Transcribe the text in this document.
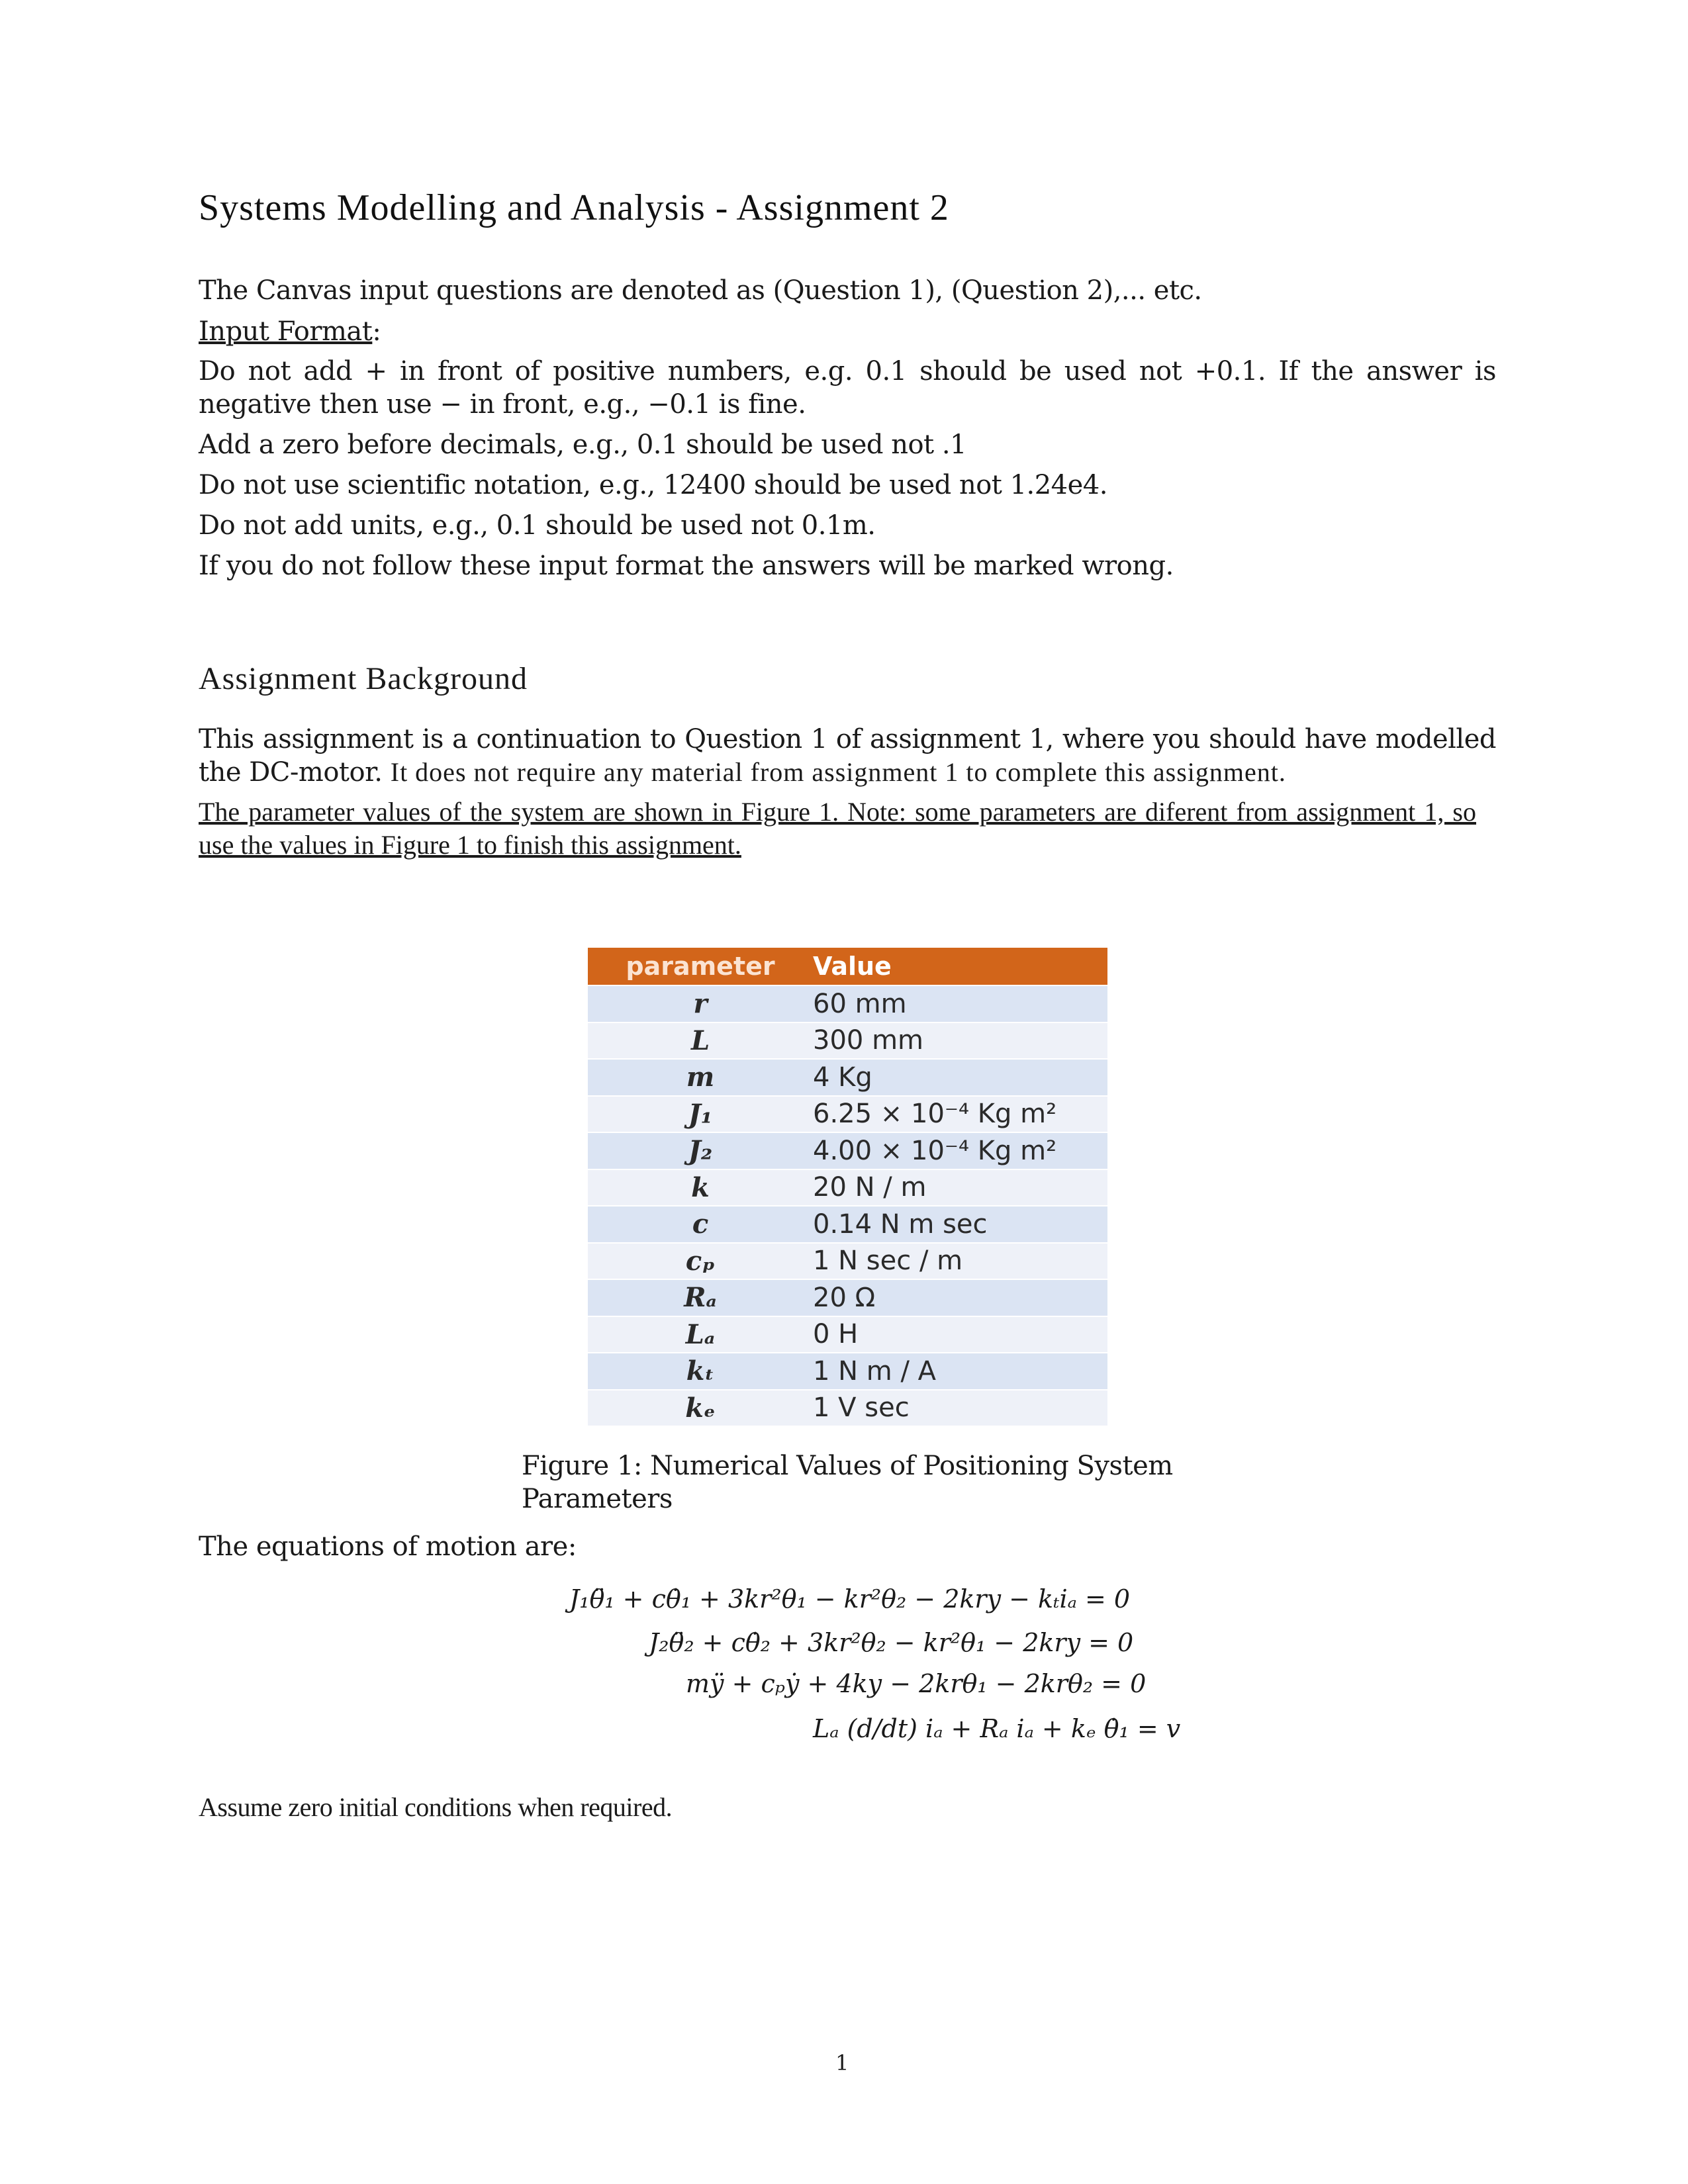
Systems Modelling and Analysis - Assignment 2

The Canvas input questions are denoted as (Question 1), (Question 2),... etc.

Input Format:

Do not add + in front of positive numbers, e.g. 0.1 should be used not +0.1. If the answer is negative then use − in front, e.g., −0.1 is fine.

Add a zero before decimals, e.g., 0.1 should be used not .1

Do not use scientific notation, e.g., 12400 should be used not 1.24e4.

Do not add units, e.g., 0.1 should be used not 0.1m.

If you do not follow these input format the answers will be marked wrong.

Assignment Background

This assignment is a continuation to Question 1 of assignment 1, where you should have modelled the DC-motor. It does not require any material from assignment 1 to complete this assignment.

The parameter values of the system are shown in Figure 1. Note: some parameters are diferent from assignment 1, so use the values in Figure 1 to finish this assignment.

parameter	Value
r	60 mm
L	300 mm
m	4 Kg
J₁	6.25 × 10⁻⁴ Kg m²
J₂	4.00 × 10⁻⁴ Kg m²
k	20 N / m
c	0.14 N m sec
cₚ	1 N sec / m
Rₐ	20 Ω
Lₐ	0 H
kₜ	1 N m / A
kₑ	1 V sec

Figure 1: Numerical Values of Positioning System Parameters

The equations of motion are:

J₁θ̈₁ + cθ̇₁ + 3kr²θ₁ − kr²θ₂ − 2kry − kₜiₐ = 0
J₂θ̈₂ + cθ̇₂ + 3kr²θ₂ − kr²θ₁ − 2kry = 0
mÿ + cₚẏ + 4ky − 2krθ₁ − 2krθ₂ = 0
Lₐ (d/dt) iₐ + Rₐ iₐ + kₑ θ̇₁ = v

Assume zero initial conditions when required.

1
